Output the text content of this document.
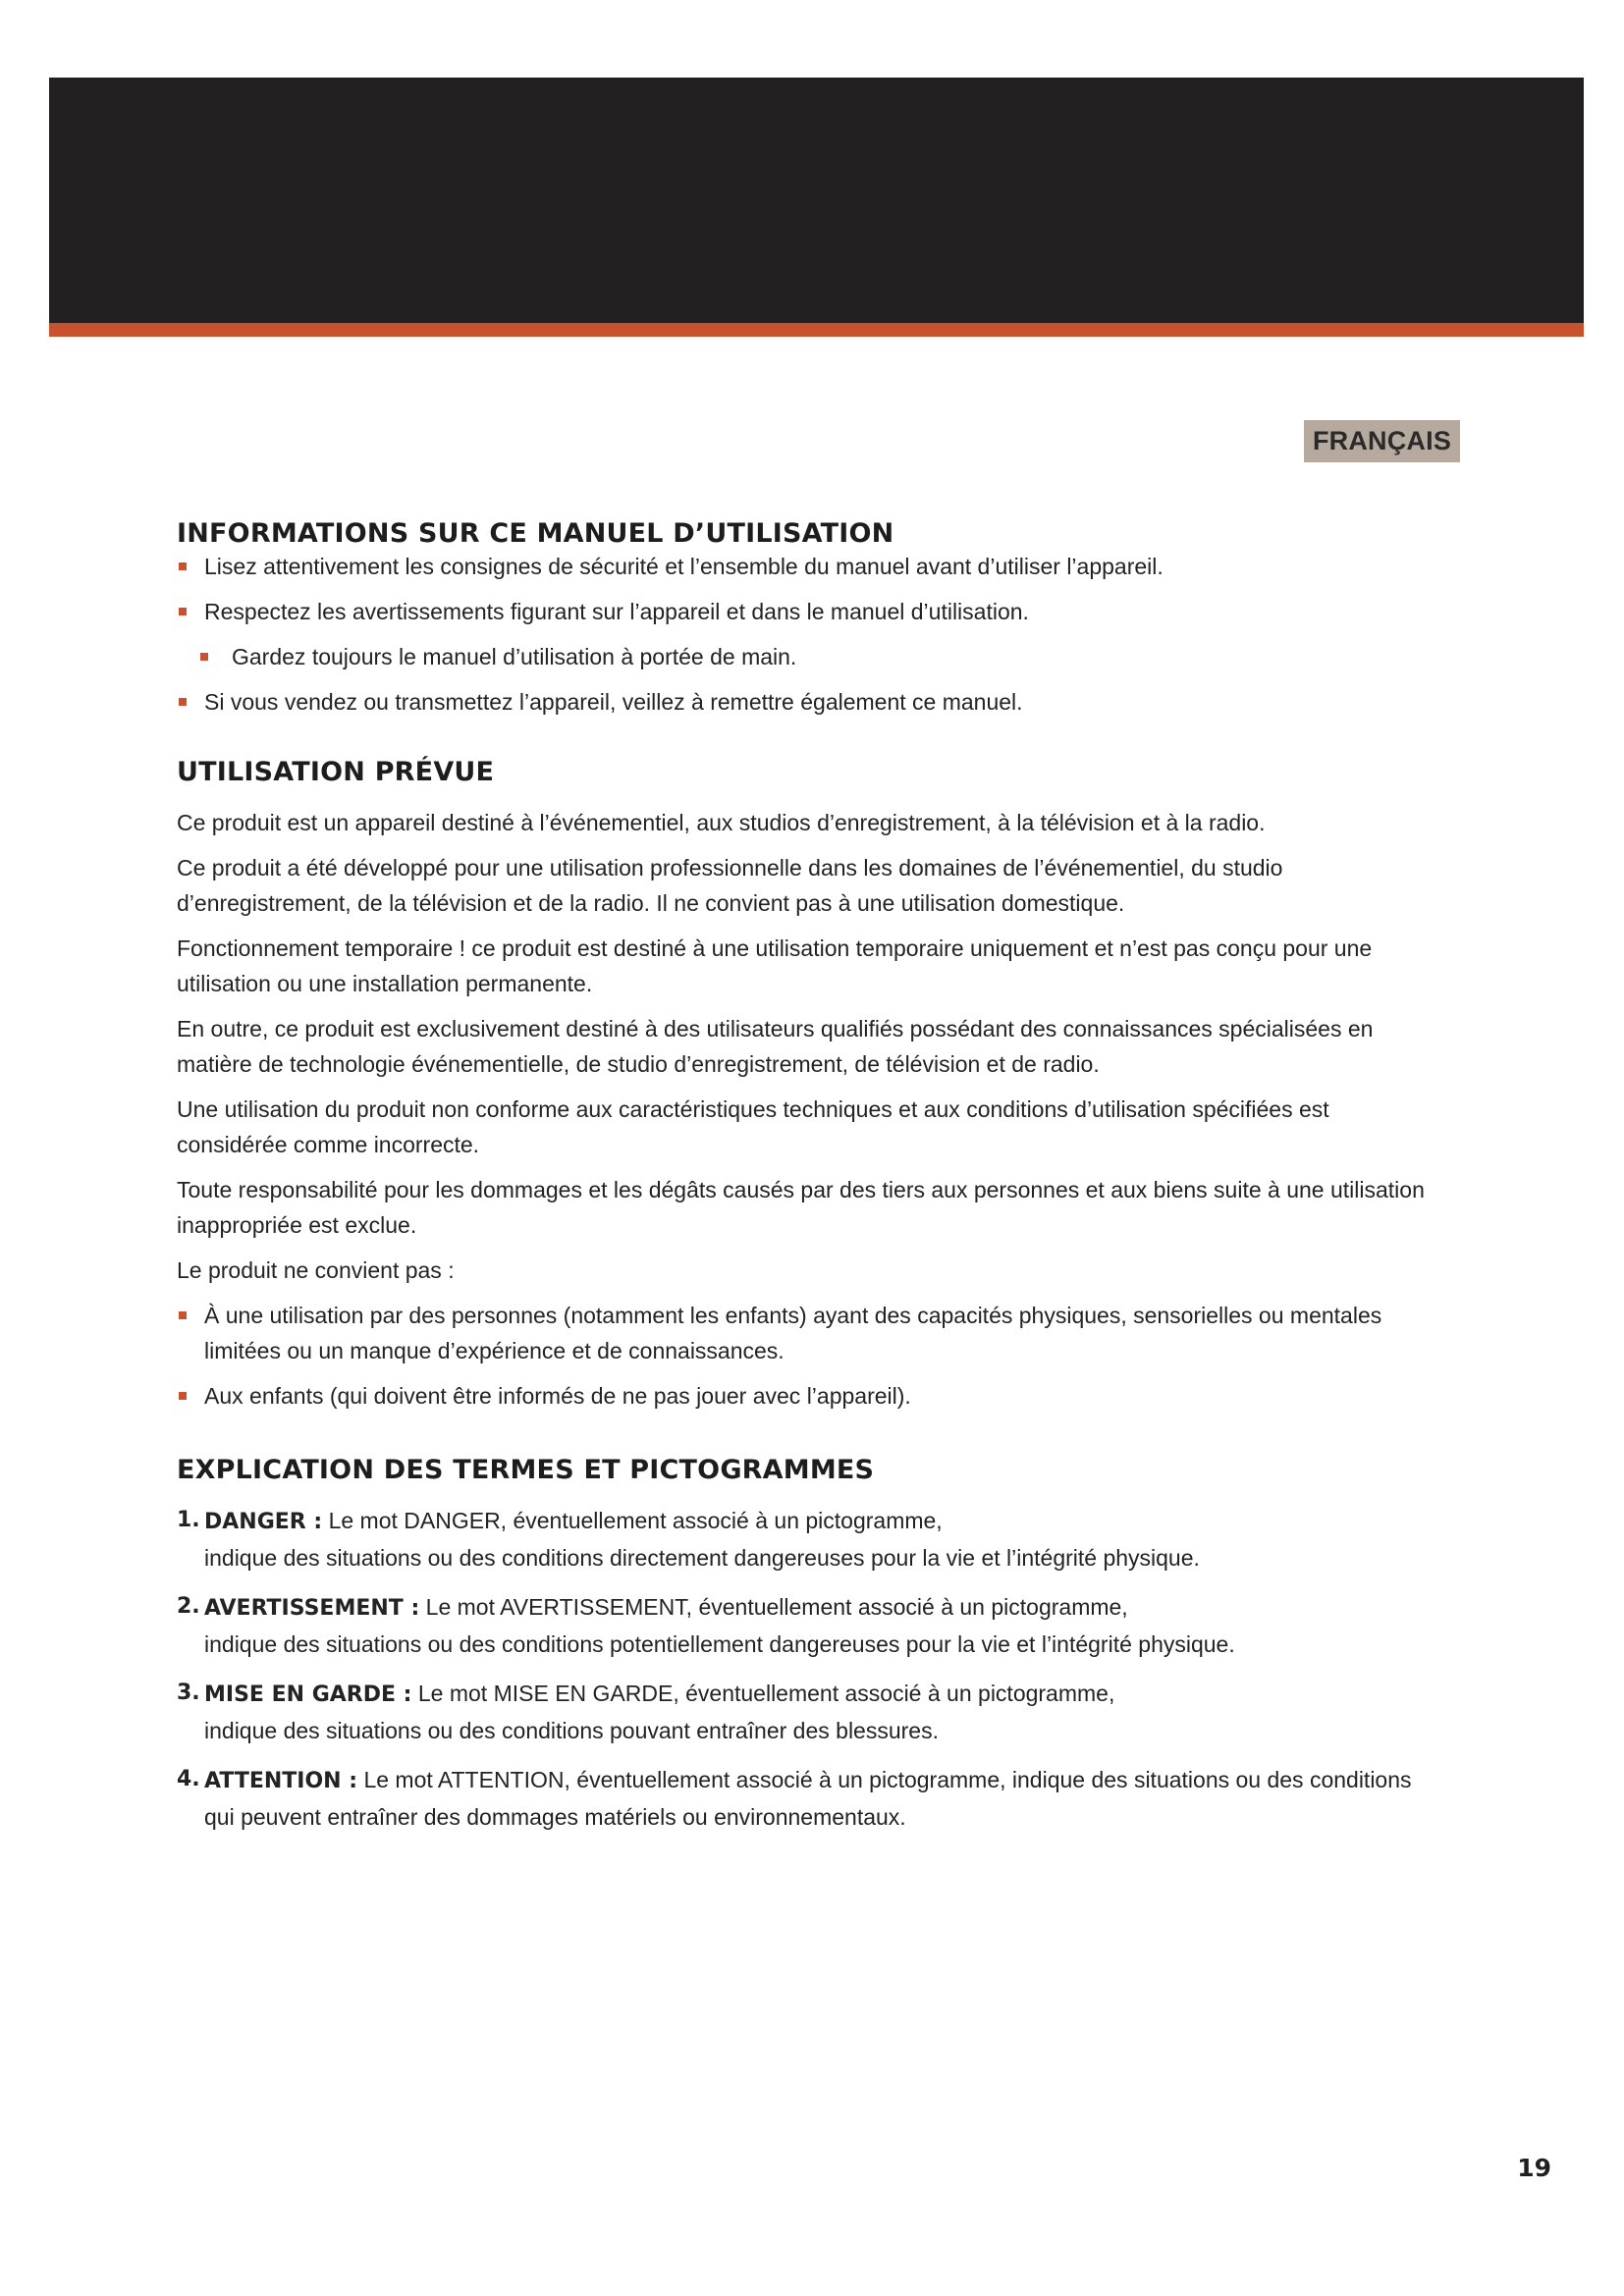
FRANÇAIS
INFORMATIONS SUR CE MANUEL D’UTILISATION
Lisez attentivement les consignes de sécurité et l’ensemble du manuel avant d’utiliser l’appareil.
Respectez les avertissements figurant sur l’appareil et dans le manuel d’utilisation.
Gardez toujours le manuel d’utilisation à portée de main.
Si vous vendez ou transmettez l’appareil, veillez à remettre également ce manuel.
UTILISATION PRÉVUE

Ce produit est un appareil destiné à l’événementiel, aux studios d’enregistrement, à la télévision et à la radio.

Ce produit a été développé pour une utilisation professionnelle dans les domaines de l’événementiel, du studio d’enregistrement, de la télévision et de la radio. Il ne convient pas à une utilisation domestique.

Fonctionnement temporaire ! ce produit est destiné à une utilisation temporaire uniquement et n’est pas conçu pour une utilisation ou une installation permanente.

En outre, ce produit est exclusivement destiné à des utilisateurs qualifiés possédant des connaissances spécialisées en matière de technologie événementielle, de studio d’enregistrement, de télévision et de radio.

Une utilisation du produit non conforme aux caractéristiques techniques et aux conditions d’utilisation spécifiées est considérée comme incorrecte.

Toute responsabilité pour les dommages et les dégâts causés par des tiers aux personnes et aux biens suite à une utilisation inappropriée est exclue.

Le produit ne convient pas :

À une utilisation par des personnes (notamment les enfants) ayant des capacités physiques, sensorielles ou mentales limitées ou un manque d’expérience et de connaissances.
Aux enfants (qui doivent être informés de ne pas jouer avec l’appareil).
EXPLICATION DES TERMES ET PICTOGRAMMES
1. DANGER : Le mot DANGER, éventuellement associé à un pictogramme,
indique des situations ou des conditions directement dangereuses pour la vie et l’intégrité physique.
2. AVERTISSEMENT : Le mot AVERTISSEMENT, éventuellement associé à un pictogramme,
indique des situations ou des conditions potentiellement dangereuses pour la vie et l’intégrité physique.
3. MISE EN GARDE : Le mot MISE EN GARDE, éventuellement associé à un pictogramme,
indique des situations ou des conditions pouvant entraîner des blessures.
4. ATTENTION : Le mot ATTENTION, éventuellement associé à un pictogramme, indique des situations ou des conditions qui peuvent entraîner des dommages matériels ou environnementaux.
19
